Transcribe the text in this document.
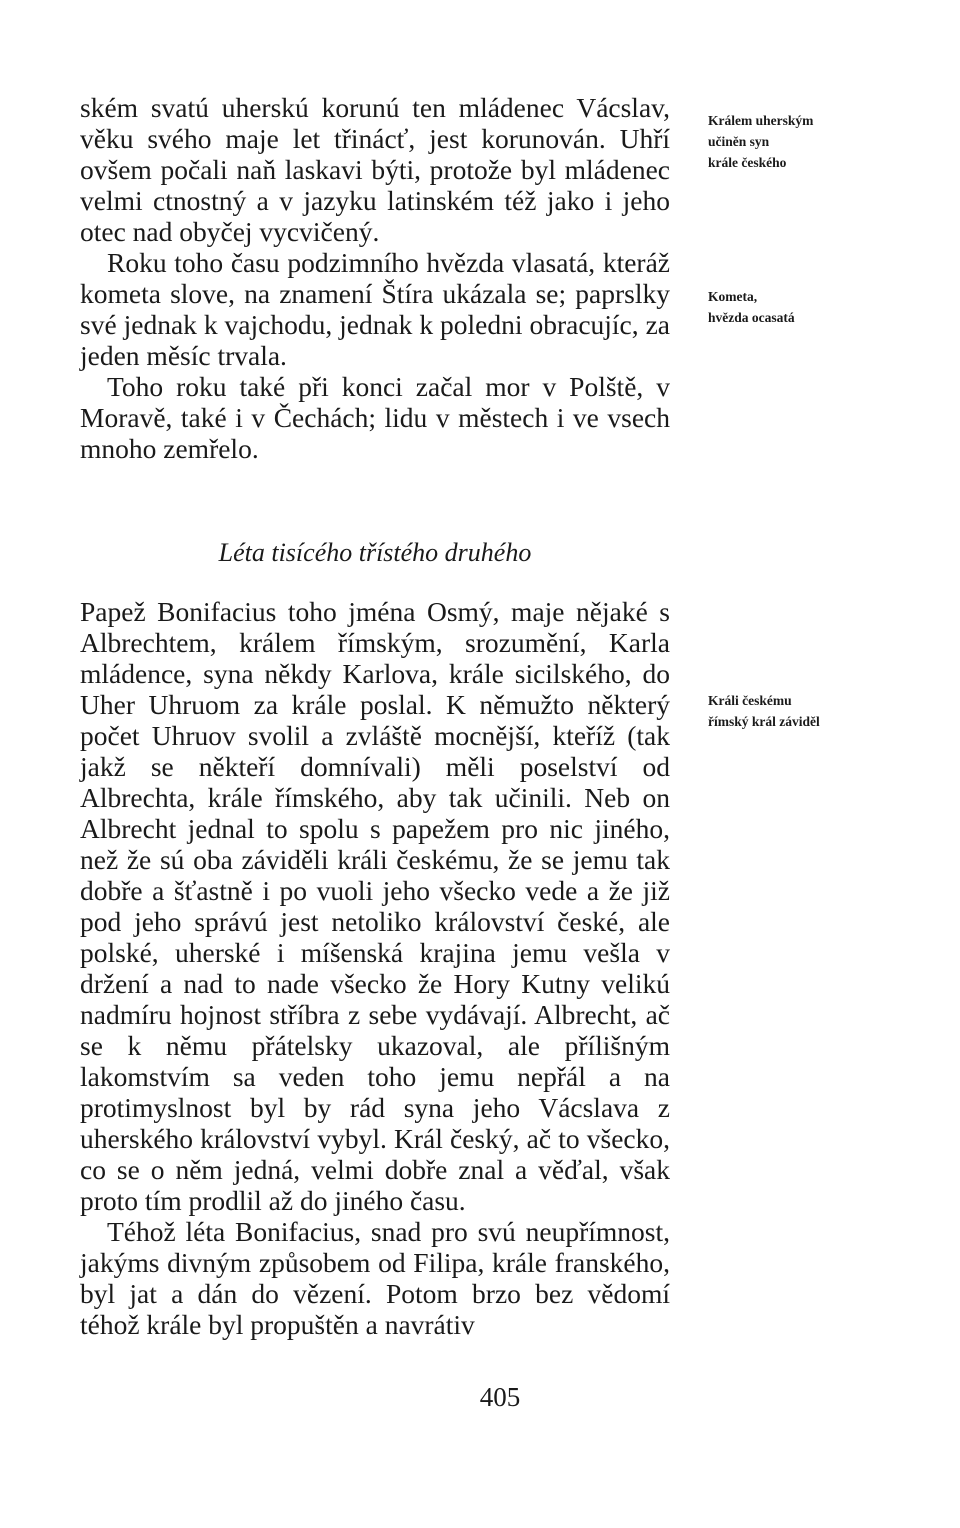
ském svatú uherskú korunú ten mládenec Vácslav, věku svého maje let třinácť, jest korunován. Uhří ovšem počali naň laskavi býti, protože byl mládenec velmi ctnostný a v jazyku latinském též jako i jeho otec nad obyčej vycvičený.

Roku toho času podzimního hvězda vlasatá, kteráž kometa slove, na znamení Štíra ukázala se; paprslky své jednak k vajchodu, jednak k poledni obracujíc, za jeden měsíc trvala.

Toho roku také při konci začal mor v Polště, v Moravě, také i v Čechách; lidu v městech i ve vsech mnoho zemřelo.

Léta tisícého třístého druhého

Papež Bonifacius toho jména Osmý, maje nějaké s Albrechtem, králem římským, srozumění, Karla mládence, syna někdy Karlova, krále sicilského, do Uher Uhruom za krále poslal. K němužto některý počet Uhruov svolil a zvláště mocnější, kteříž (tak jakž se někteří domnívali) měli poselství od Albrechta, krále římského, aby tak učinili. Neb on Albrecht jednal to spolu s papežem pro nic jiného, než že sú oba záviděli králi českému, že se jemu tak dobře a šťastně i po vuoli jeho všecko vede a že již pod jeho správú jest netoliko království české, ale polské, uherské i míšenská krajina jemu vešla v držení a nad to nade všecko že Hory Kutny velikú nadmíru hojnost stříbra z sebe vydávají. Albrecht, ač se k němu přátelsky ukazoval, ale přílišným lakomstvím sa veden toho jemu nepřál a na protimyslnost byl by rád syna jeho Vácslava z uherského království vybyl. Král český, ač to všecko, co se o něm jedná, velmi dobře znal a věďal, však proto tím prodlil až do jiného času.

Téhož léta Bonifacius, snad pro svú neupřímnost, jakýms divným způsobem od Filipa, krále franského, byl jat a dán do vězení. Potom brzo bez vědomí téhož krále byl propuštěn a navrátiv

Králem uherským
učiněn syn
krále českého
Kometa,
hvězda ocasatá
Králi českému
římský král záviděl
405
